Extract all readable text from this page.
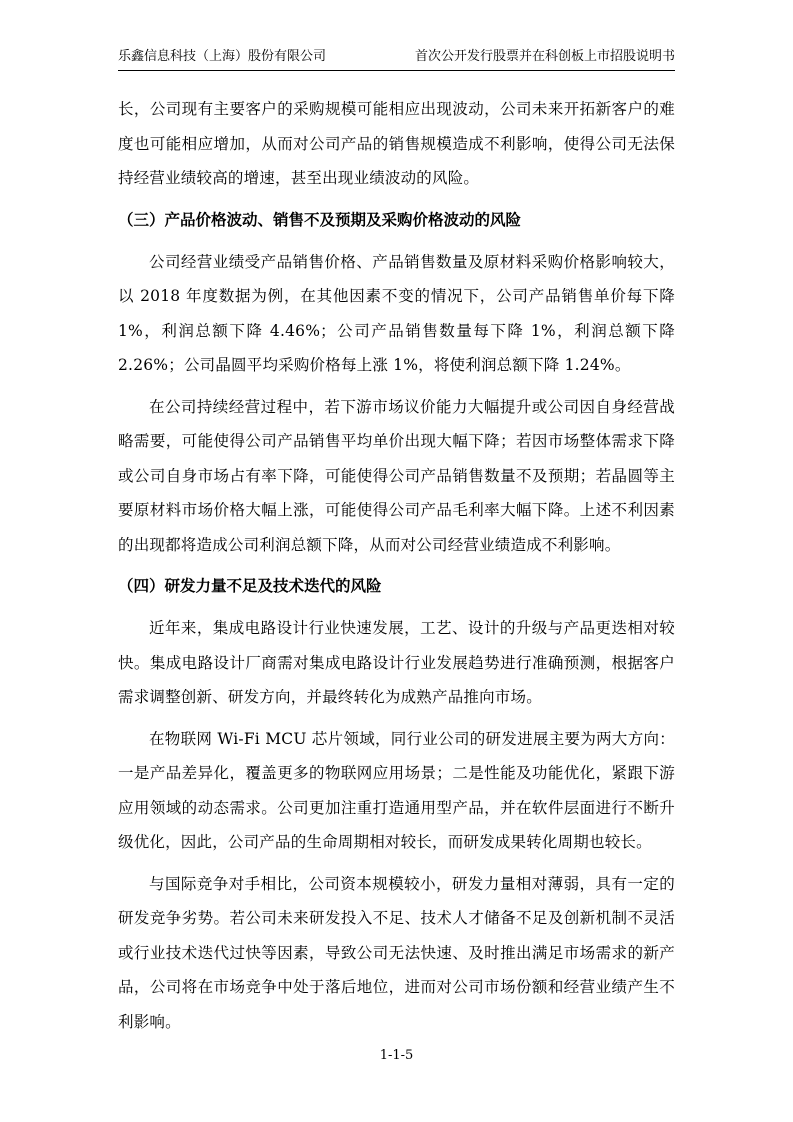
乐鑫信息科技（上海）股份有限公司	首次公开发行股票并在科创板上市招股说明书

长，公司现有主要客户的采购规模可能相应出现波动，公司未来开拓新客户的难度也可能相应增加，从而对公司产品的销售规模造成不利影响，使得公司无法保持经营业绩较高的增速，甚至出现业绩波动的风险。

（三）产品价格波动、销售不及预期及采购价格波动的风险

公司经营业绩受产品销售价格、产品销售数量及原材料采购价格影响较大，以 2018 年度数据为例，在其他因素不变的情况下，公司产品销售单价每下降 1%，利润总额下降 4.46%；公司产品销售数量每下降 1%，利润总额下降 2.26%；公司晶圆平均采购价格每上涨 1%，将使利润总额下降 1.24%。

在公司持续经营过程中，若下游市场议价能力大幅提升或公司因自身经营战略需要，可能使得公司产品销售平均单价出现大幅下降；若因市场整体需求下降或公司自身市场占有率下降，可能使得公司产品销售数量不及预期；若晶圆等主要原材料市场价格大幅上涨，可能使得公司产品毛利率大幅下降。上述不利因素的出现都将造成公司利润总额下降，从而对公司经营业绩造成不利影响。

（四）研发力量不足及技术迭代的风险

近年来，集成电路设计行业快速发展，工艺、设计的升级与产品更迭相对较快。集成电路设计厂商需对集成电路设计行业发展趋势进行准确预测，根据客户需求调整创新、研发方向，并最终转化为成熟产品推向市场。

在物联网 Wi-Fi MCU 芯片领域，同行业公司的研发进展主要为两大方向：一是产品差异化，覆盖更多的物联网应用场景；二是性能及功能优化，紧跟下游应用领域的动态需求。公司更加注重打造通用型产品，并在软件层面进行不断升级优化，因此，公司产品的生命周期相对较长，而研发成果转化周期也较长。

与国际竞争对手相比，公司资本规模较小，研发力量相对薄弱，具有一定的研发竞争劣势。若公司未来研发投入不足、技术人才储备不足及创新机制不灵活或行业技术迭代过快等因素，导致公司无法快速、及时推出满足市场需求的新产品，公司将在市场竞争中处于落后地位，进而对公司市场份额和经营业绩产生不利影响。

1-1-5
